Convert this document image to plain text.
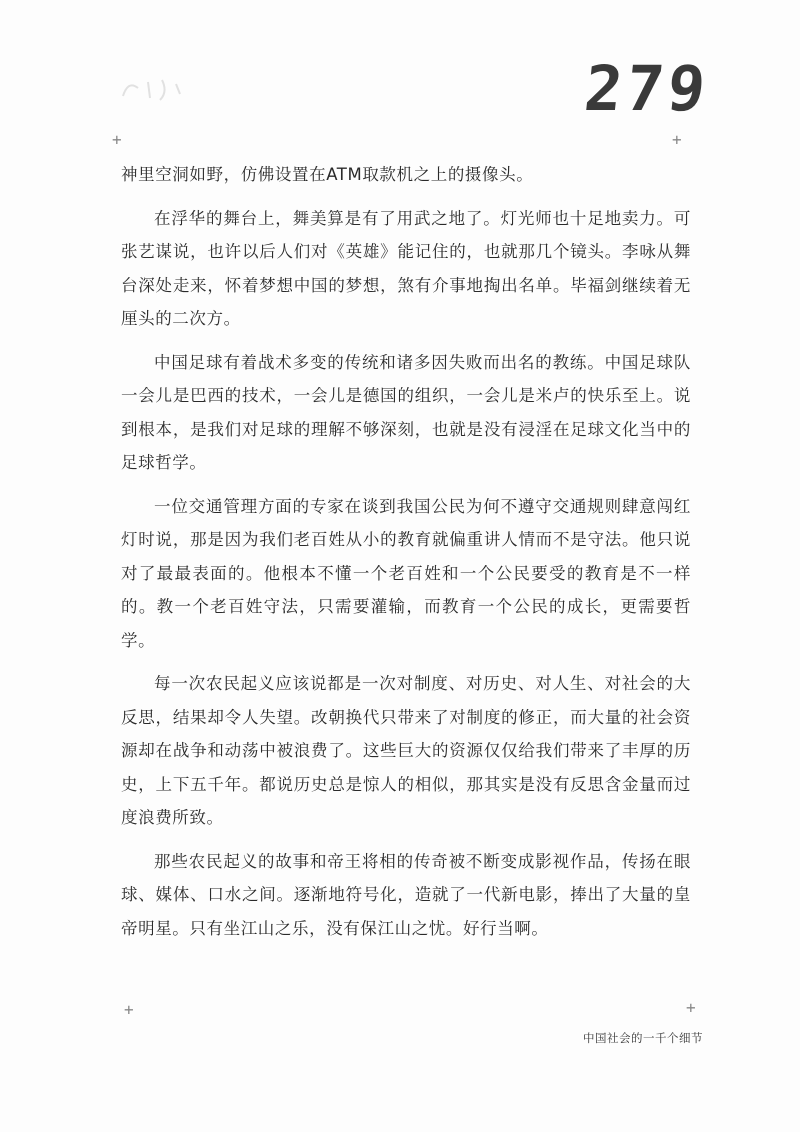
279
+	+

神里空洞如野，仿佛设置在ATM取款机之上的摄像头。

在浮华的舞台上，舞美算是有了用武之地了。灯光师也十足地卖力。可张艺谋说，也许以后人们对《英雄》能记住的，也就那几个镜头。李咏从舞台深处走来，怀着梦想中国的梦想，煞有介事地掏出名单。毕福剑继续着无厘头的二次方。

中国足球有着战术多变的传统和诸多因失败而出名的教练。中国足球队一会儿是巴西的技术，一会儿是德国的组织，一会儿是米卢的快乐至上。说到根本，是我们对足球的理解不够深刻，也就是没有浸淫在足球文化当中的足球哲学。

一位交通管理方面的专家在谈到我国公民为何不遵守交通规则肆意闯红灯时说，那是因为我们老百姓从小的教育就偏重讲人情而不是守法。他只说对了最最表面的。他根本不懂一个老百姓和一个公民要受的教育是不一样的。教一个老百姓守法，只需要灌输，而教育一个公民的成长，更需要哲学。

每一次农民起义应该说都是一次对制度、对历史、对人生、对社会的大反思，结果却令人失望。改朝换代只带来了对制度的修正，而大量的社会资源却在战争和动荡中被浪费了。这些巨大的资源仅仅给我们带来了丰厚的历史，上下五千年。都说历史总是惊人的相似，那其实是没有反思含金量而过度浪费所致。

那些农民起义的故事和帝王将相的传奇被不断变成影视作品，传扬在眼球、媒体、口水之间。逐渐地符号化，造就了一代新电影，捧出了大量的皇帝明星。只有坐江山之乐，没有保江山之忧。好行当啊。

+	+
中国社会的一千个细节
